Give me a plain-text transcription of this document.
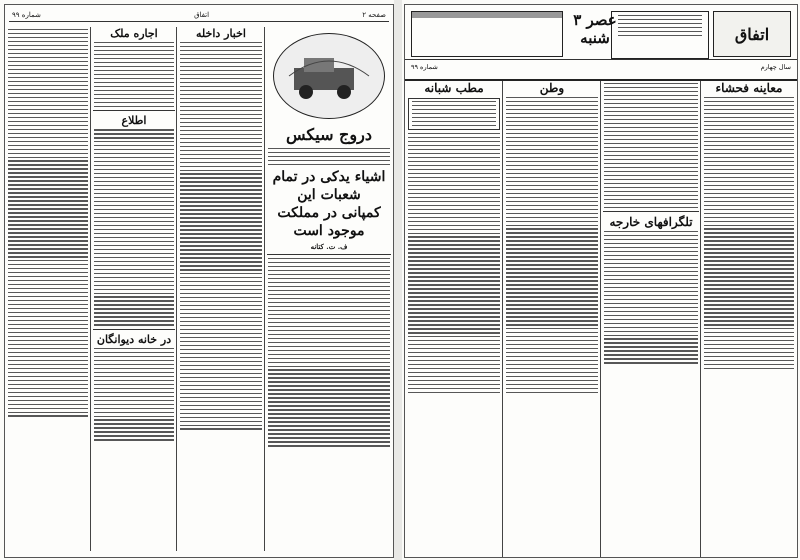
صفحه ۲
اتفاق
شماره ۹۹
دروج سیکس
اشیاء یدکی در تمام شعبات این
کمپانی در مملکت موجود است
ف. ت. کتانه
اخبار داخله
اجاره ملک
اطلاع
در خانه دیوانگان
اتفاق
عصر ۳ شنبه
سال چهارم
شماره ۹۹
معاینه فحشاء
تلگرافهای خارجه
وطن
مطب شبانه
